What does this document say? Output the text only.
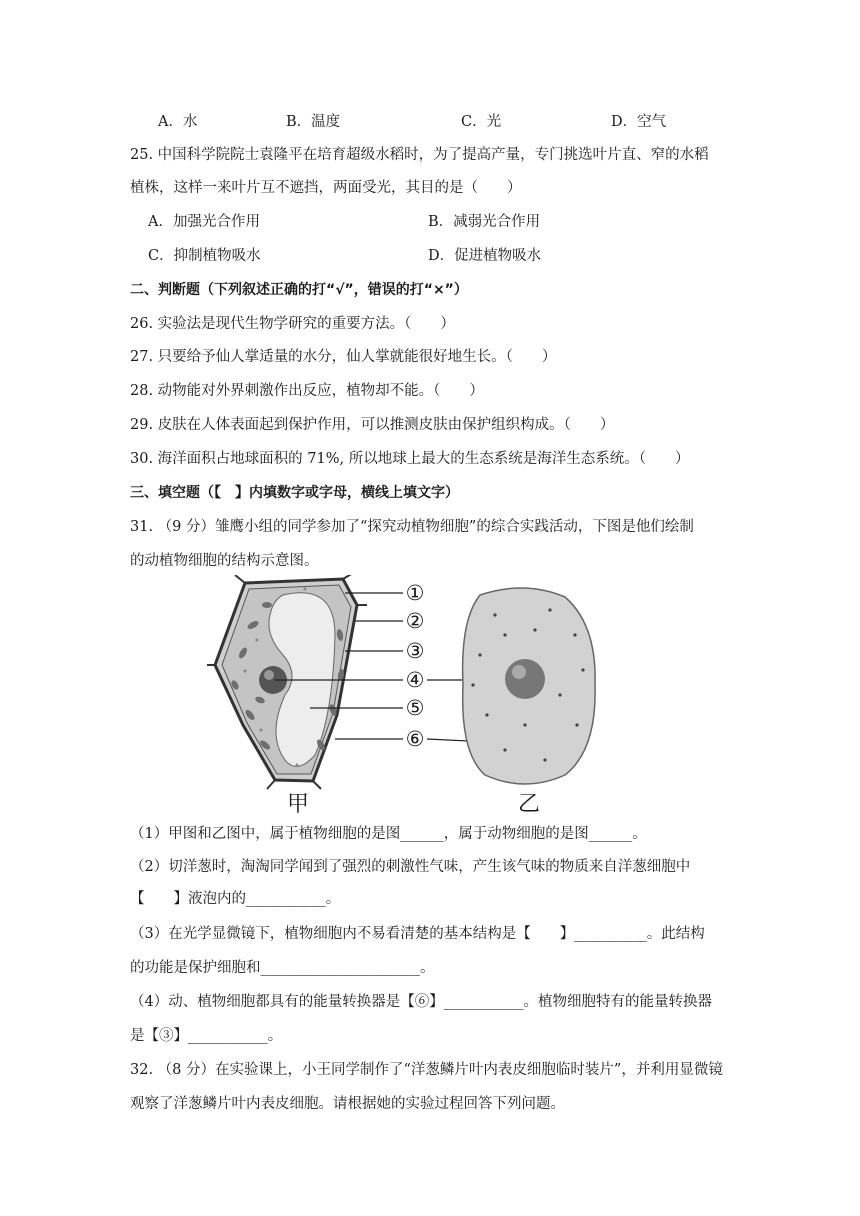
A．水	B．温度	C．光	D．空气
25. 中国科学院院士袁隆平在培育超级水稻时，为了提高产量，专门挑选叶片直、窄的水稻
植株，这样一来叶片互不遮挡，两面受光，其目的是（　　）
A．加强光合作用	B．减弱光合作用
C．抑制植物吸水	D．促进植物吸水
二、判断题（下列叙述正确的打“√”，错误的打“×”）
26. 实验法是现代生物学研究的重要方法。（　　）
27. 只要给予仙人掌适量的水分，仙人掌就能很好地生长。（　　）
28. 动物能对外界刺激作出反应，植物却不能。（　　）
29. 皮肤在人体表面起到保护作用，可以推测皮肤由保护组织构成。（　　）
30. 海洋面积占地球面积的 71%, 所以地球上最大的生态系统是海洋生态系统。（　　）
三、填空题（【　】内填数字或字母，横线上填文字）
31. （9 分）雏鹰小组的同学参加了“探究动植物细胞”的综合实践活动，下图是他们绘制
的动植物细胞的结构示意图。
①
②
③
④
⑤
⑥
甲	乙
（1）甲图和乙图中，属于植物细胞的是图______，属于动物细胞的是图______。
（2）切洋葱时，淘淘同学闻到了强烈的刺激性气味，产生该气味的物质来自洋葱细胞中
【　　】液泡内的___________。
（3）在光学显微镜下，植物细胞内不易看清楚的基本结构是【　　】__________。此结构
的功能是保护细胞和______________________。
（4）动、植物细胞都具有的能量转换器是【⑥】___________。植物细胞特有的能量转换器
是【③】___________。
32. （8 分）在实验课上，小王同学制作了“洋葱鳞片叶内表皮细胞临时装片”，并利用显微镜
观察了洋葱鳞片叶内表皮细胞。请根据她的实验过程回答下列问题。
